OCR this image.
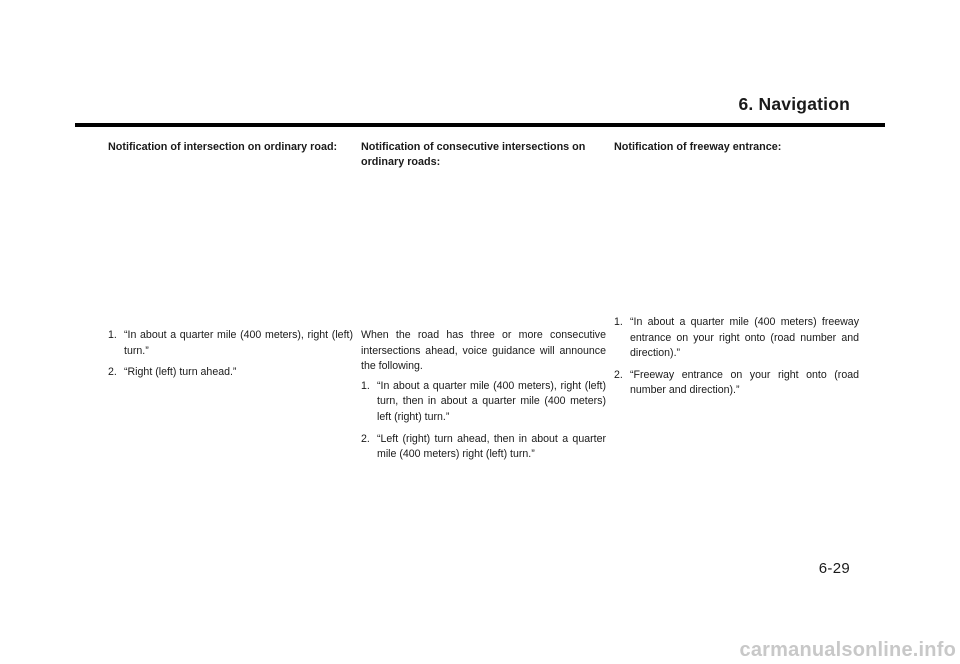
6. Navigation

Notification of intersection on ordinary road:

1. “In about a quarter mile (400 meters), right (left) turn.”
2. “Right (left) turn ahead.”

Notification of consecutive intersections on ordinary roads:

When the road has three or more consecutive intersections ahead, voice guidance will announce the following.

1. “In about a quarter mile (400 meters), right (left) turn, then in about a quarter mile (400 meters) left (right) turn.”
2. “Left (right) turn ahead, then in about a quarter mile (400 meters) right (left) turn.”

Notification of freeway entrance:

1. “In about a quarter mile (400 meters) freeway entrance on your right onto (road number and direction).”
2. “Freeway entrance on your right onto (road number and direction).”
6-29
carmanualsonline.info
